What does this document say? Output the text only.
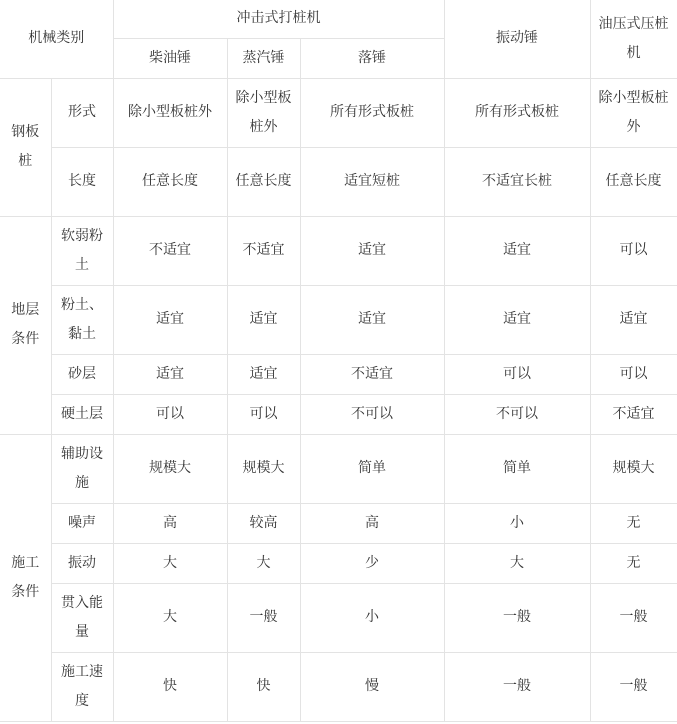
机械类别		冲击式打桩机			振动锤	油压式压桩机
		柴油锤	蒸汽锤	落锤		
钢板桩	形式	除小型板桩外	除小型板桩外	所有形式板桩	所有形式板桩	除小型板桩外
	长度	任意长度	任意长度	适宜短桩	不适宜长桩	任意长度
地层条件	软弱粉土	不适宜	不适宜	适宜	适宜	可以
	粉土、黏土	适宜	适宜	适宜	适宜	适宜
	砂层	适宜	适宜	不适宜	可以	可以
	硬土层	可以	可以	不可以	不可以	不适宜
施工条件	辅助设施	规模大	规模大	简单	简单	规模大
	噪声	高	较高	高	小	无
	振动	大	大	少	大	无
	贯入能量	大	一般	小	一般	一般
	施工速度	快	快	慢	一般	一般
